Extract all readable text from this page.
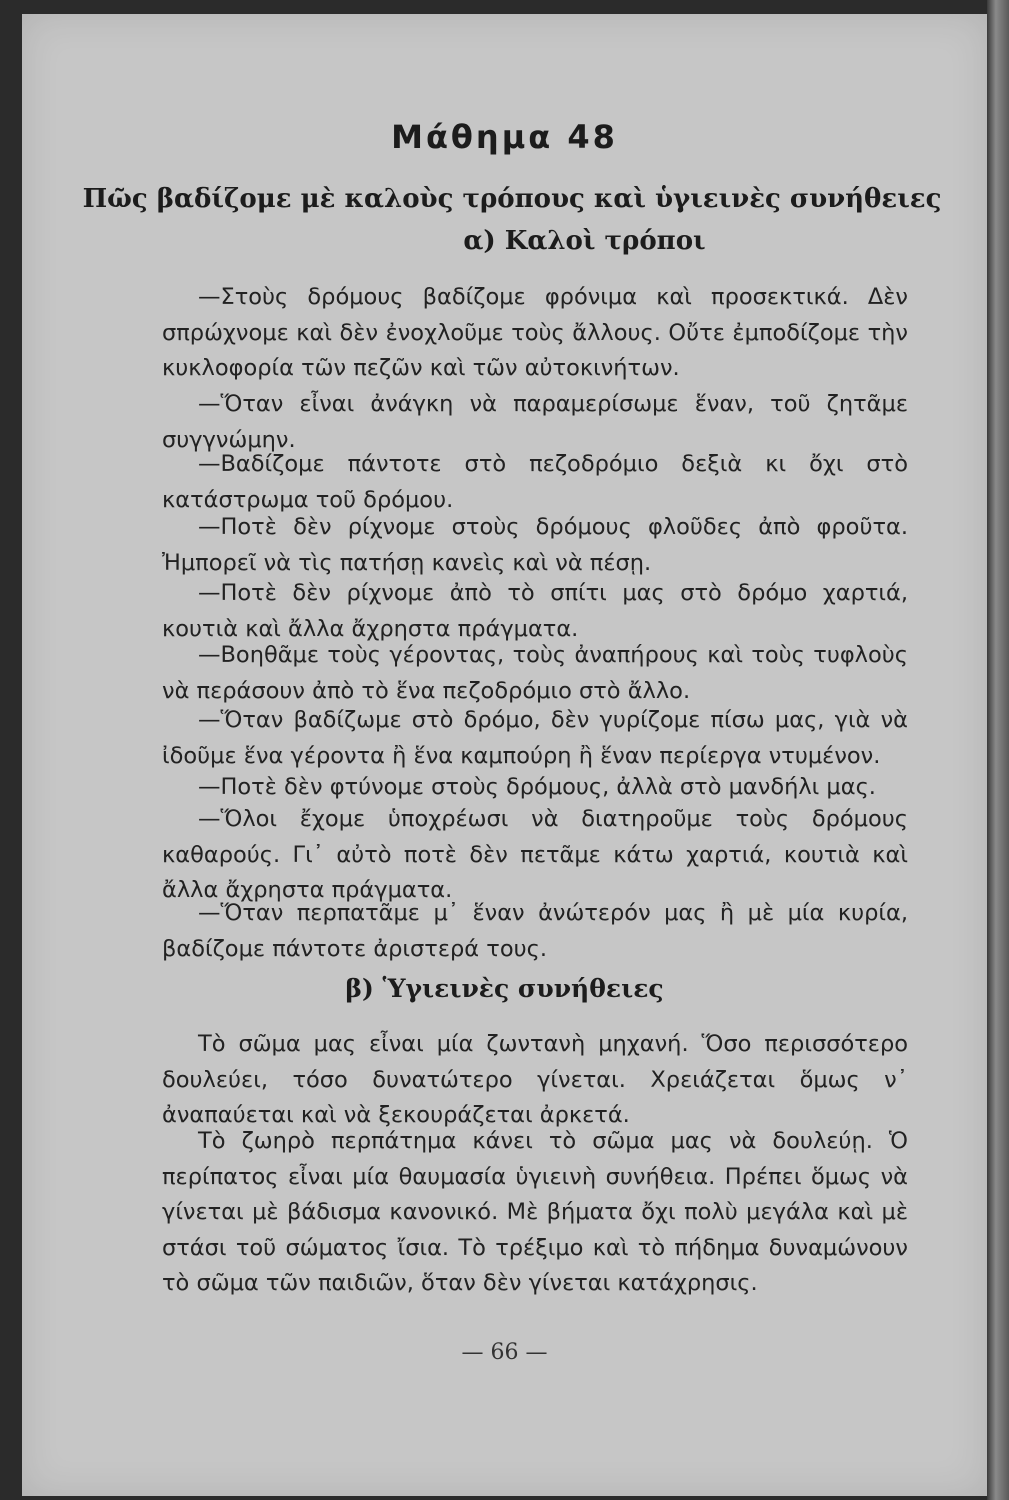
Μάθημα 48
Πῶς βαδίζομε μὲ καλοὺς τρόπους καὶ ὑγιεινὲς συνήθειες
α) Καλοὶ τρόποι

—Στοὺς δρόμους βαδίζομε φρόνιμα καὶ προσεκτικά. Δὲν σπρώχνομε καὶ δὲν ἐνοχλοῦμε τοὺς ἄλλους. Οὔτε ἐμποδίζομε τὴν κυκλοφορία τῶν πεζῶν καὶ τῶν αὐτοκινήτων.

—Ὅταν εἶναι ἀνάγκη νὰ παραμερίσωμε ἕναν, τοῦ ζητᾶμε συγγνώμην.

—Βαδίζομε πάντοτε στὸ πεζοδρόμιο δεξιὰ κι ὄχι στὸ κατάστρωμα τοῦ δρόμου.

—Ποτὲ δὲν ρίχνομε στοὺς δρόμους φλοῦδες ἀπὸ φροῦτα. Ἠμπορεῖ νὰ τὶς πατήσῃ κανεὶς καὶ νὰ πέσῃ.

—Ποτὲ δὲν ρίχνομε ἀπὸ τὸ σπίτι μας στὸ δρόμο χαρτιά, κουτιὰ καὶ ἄλλα ἄχρηστα πράγματα.

—Βοηθᾶμε τοὺς γέροντας, τοὺς ἀναπήρους καὶ τοὺς τυφλοὺς νὰ περάσουν ἀπὸ τὸ ἕνα πεζοδρόμιο στὸ ἄλλο.

—Ὅταν βαδίζωμε στὸ δρόμο, δὲν γυρίζομε πίσω μας, γιὰ νὰ ἰδοῦμε ἕνα γέροντα ἢ ἕνα καμπούρη ἢ ἕναν περίεργα ντυμένον.

—Ποτὲ δὲν φτύνομε στοὺς δρόμους, ἀλλὰ στὸ μανδήλι μας.

—Ὅλοι ἔχομε ὑποχρέωσι νὰ διατηροῦμε τοὺς δρόμους καθαρούς. Γι᾽ αὐτὸ ποτὲ δὲν πετᾶμε κάτω χαρτιά, κουτιὰ καὶ ἄλλα ἄχρηστα πράγματα.

—Ὅταν περπατᾶμε μ᾽ ἕναν ἀνώτερόν μας ἢ μὲ μία κυρία, βαδίζομε πάντοτε ἀριστερά τους.

β) Ὑγιεινὲς συνήθειες

Τὸ σῶμα μας εἶναι μία ζωντανὴ μηχανή. Ὅσο περισσότερο δουλεύει, τόσο δυνατώτερο γίνεται. Χρειάζεται ὅμως ν᾽ ἀναπαύεται καὶ νὰ ξεκουράζεται ἀρκετά.

Τὸ ζωηρὸ περπάτημα κάνει τὸ σῶμα μας νὰ δουλεύῃ. Ὁ περίπατος εἶναι μία θαυμασία ὑγιεινὴ συνήθεια. Πρέπει ὅμως νὰ γίνεται μὲ βάδισμα κανονικό. Μὲ βήματα ὄχι πολὺ μεγάλα καὶ μὲ στάσι τοῦ σώματος ἴσια. Τὸ τρέξιμο καὶ τὸ πήδημα δυναμώνουν τὸ σῶμα τῶν παιδιῶν, ὅταν δὲν γίνεται κατάχρησις.

— 66 —
